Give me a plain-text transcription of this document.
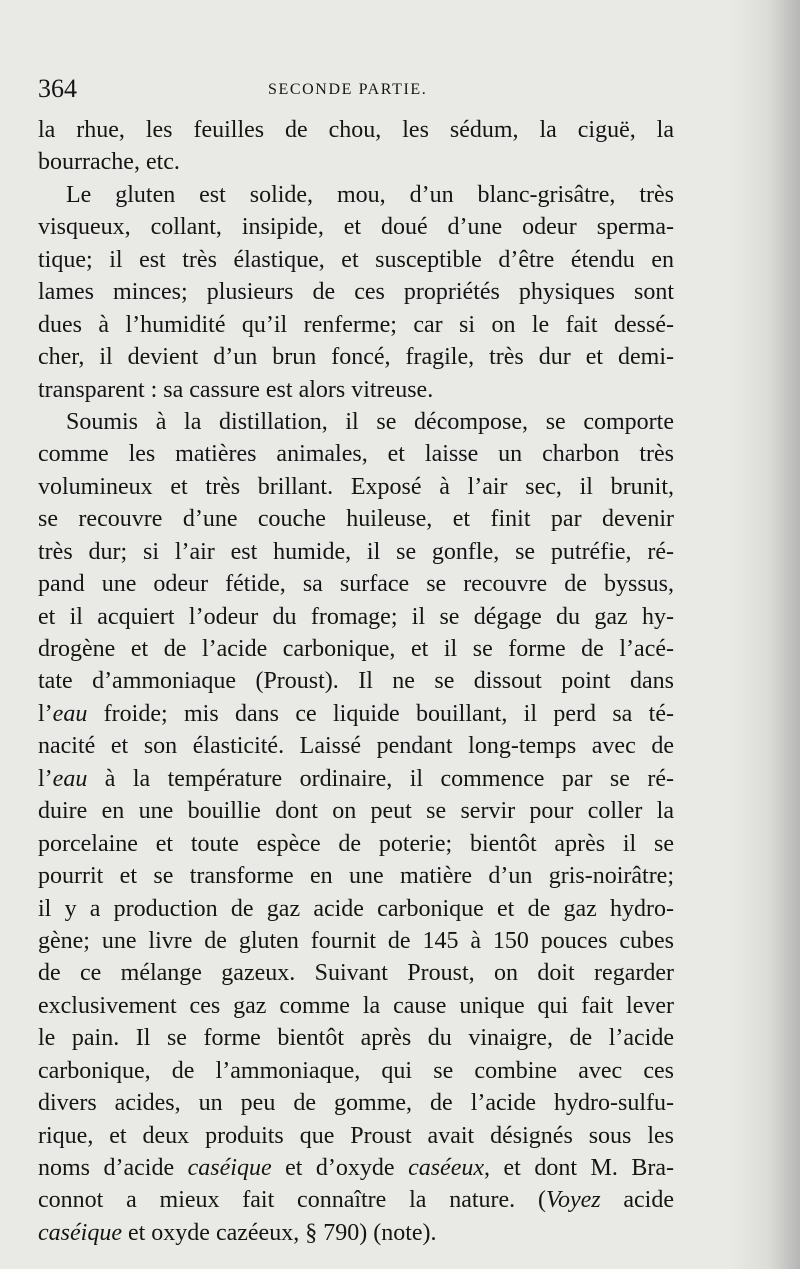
364	SECONDE PARTIE.
la rhue, les feuilles de chou, les sédum, la ciguë, la
bourrache, etc.
Le gluten est solide, mou, d’un blanc-grisâtre, très
visqueux, collant, insipide, et doué d’une odeur sperma-
tique; il est très élastique, et susceptible d’être étendu en
lames minces; plusieurs de ces propriétés physiques sont
dues à l’humidité qu’il renferme; car si on le fait dessé-
cher, il devient d’un brun foncé, fragile, très dur et demi-
transparent : sa cassure est alors vitreuse.
Soumis à la distillation, il se décompose, se comporte
comme les matières animales, et laisse un charbon très
volumineux et très brillant. Exposé à l’air sec, il brunit,
se recouvre d’une couche huileuse, et finit par devenir
très dur; si l’air est humide, il se gonfle, se putréfie, ré-
pand une odeur fétide, sa surface se recouvre de byssus,
et il acquiert l’odeur du fromage; il se dégage du gaz hy-
drogène et de l’acide carbonique, et il se forme de l’acé-
tate d’ammoniaque (Proust). Il ne se dissout point dans
l’eau froide; mis dans ce liquide bouillant, il perd sa té-
nacité et son élasticité. Laissé pendant long-temps avec de
l’eau à la température ordinaire, il commence par se ré-
duire en une bouillie dont on peut se servir pour coller la
porcelaine et toute espèce de poterie; bientôt après il se
pourrit et se transforme en une matière d’un gris-noirâtre;
il y a production de gaz acide carbonique et de gaz hydro-
gène; une livre de gluten fournit de 145 à 150 pouces cubes
de ce mélange gazeux. Suivant Proust, on doit regarder
exclusivement ces gaz comme la cause unique qui fait lever
le pain. Il se forme bientôt après du vinaigre, de l’acide
carbonique, de l’ammoniaque, qui se combine avec ces
divers acides, un peu de gomme, de l’acide hydro-sulfu-
rique, et deux produits que Proust avait désignés sous les
noms d’acide caséique et d’oxyde caséeux, et dont M. Bra-
connot a mieux fait connaître la nature. (Voyez acide
caséique et oxyde cazéeux, § 790) (note).
